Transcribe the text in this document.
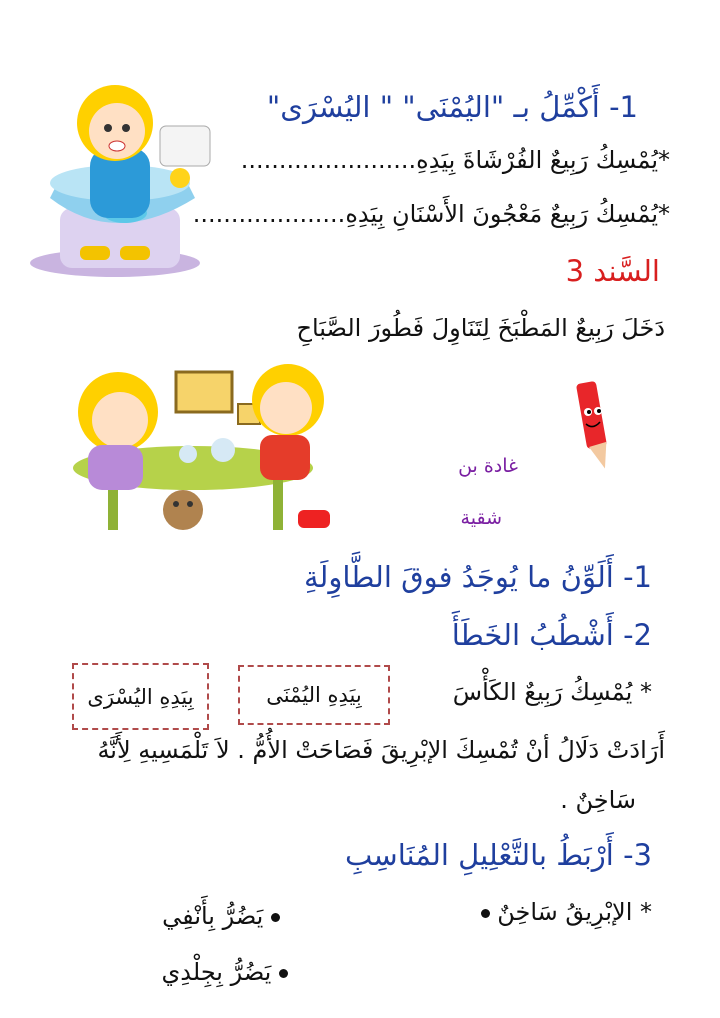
1- أَكْمِّلُ بـ "اليُمْنَى" " اليُسْرَى"
*يُمْسِكُ رَبِيعٌ الفُرْشَاةَ بِيَدِهِ.......................
*يُمْسِكُ رَبِيعٌ مَعْجُونَ الأَسْنَانِ بِيَدِهِ....................
السَّند 3
دَخَلَ رَبِيعٌ المَطْبَخَ لِتَنَاوِلَ فَطُورَ الصَّبَاحِ
غادة بن
شقية
1- أَلَوِّنُ ما يُوجَدُ فوقَ الطَّاوِلَةِ
2- أَشْطُبُ الخَطَأَ
* يُمْسِكُ رَبِيعٌ الكَأْسَ
بِيَدِهِ اليُمْنَى
بِيَدِهِ اليُسْرَى
أَرَادَتْ دَلَالُ أنْ تُمْسِكَ الإبْرِيقَ فَصَاحَتْ الأُمُّ . لاَ تَلْمَسِيهِ لِأَنَّهُ
سَاخِنٌ .
3- أَرْبَطُ بالتَّعْلِيلِ المُنَاسِبِ
* الإبْرِيقُ سَاخِنٌ
يَضُرُّ بِأَنْفِي
يَضُرُّ بِجِلْدِي
